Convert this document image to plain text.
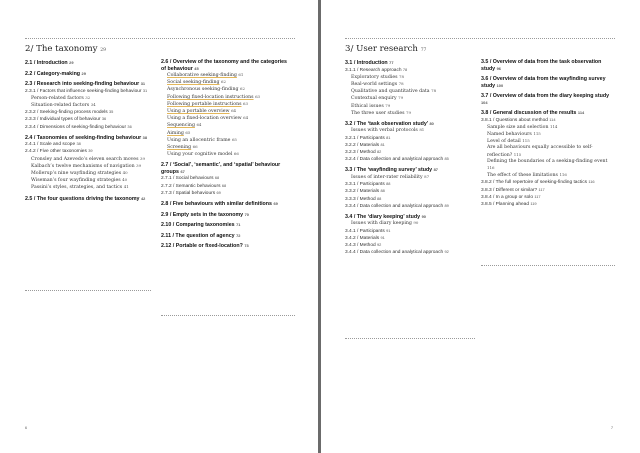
2/ The taxonomy 29
2.1 / Introduction 29
2.2 / Category-making 29
2.3 / Research into seeking-finding behaviour 31
2.3.1 / Factors that influence seeking-finding behaviour 31
Person-related factors 32
Situation-related factors 34
2.3.2 / Seeking-finding process models 35
2.3.3 / Individual types of behaviour 36
2.3.4 / Dimensions of seeking-finding behaviour 36
2.4 / Taxonomies of seeking-finding behaviour 38
2.4.1 / Scale and scope 38
2.4.2 / Five other taxonomies 39
Cronsley and Azevedo’s eleven search moves 39
Kalbach’s twelve mechanisms of navigation 39
Mollerup’s nine wayfinding strategies 40
Wiseman’s four wayfinding strategies 40
Passini’s styles, strategies, and tactics 41
2.5 / The four questions driving the taxonomy 42
2.6 / Overview of the taxonomy and the categories of behaviour 45
Collaborative seeking-finding 61
Social seeking-finding 62
Asynchronous seeking-finding 62
Following fixed-location instructions 63
Following portable instructions 63
Using a portable overview 64
Using a fixed-location overview 64
Sequencing 64
Aiming 65
Using an allocentric frame 65
Screening 66
Using your cognitive model 66
2.7 / ‘Social’, ‘semantic’, and ‘spatial’ behaviour groups 67
2.7.1 / Social behaviours 68
2.7.2 / Semantic behaviours 68
2.7.3 / Spatial behaviours 69
2.8 / Five behaviours with similar definitions 69
2.9 / Empty sets in the taxonomy 70
2.10 / Comparing taxonomies 71
2.11 / The question of agency 72
2.12 / Portable or fixed-location? 73
6
3/ User research 77
3.1 / Introduction 77
3.1.1 / Research approach 78
Exploratory studies 78
Real-world settings 78
Qualitative and quantitative data 78
Contextual enquiry 79
Ethical issues 79
The three user studies 79
3.2 / The ‘task observation study’ 80
Issues with verbal protocols 81
3.2.1 / Participants 81
3.2.2 / Materials 81
3.2.3 / Method 82
3.2.4 / Data collection and analytical approach 85
3.3 / The ‘wayfinding survey’ study 87
Issues of inter-rater reliability 87
3.3.1 / Participants 88
3.3.2 / Materials 88
3.3.3 / Method 88
3.3.4 / Data collection and analytical approach 89
3.4 / The ‘diary keeping’ study 90
Issues with diary keeping 90
3.4.1 / Participants 91
3.4.2 / Materials 91
3.4.3 / Method 92
3.4.4 / Data collection and analytical approach 92
3.5 / Overview of data from the task observation study 96
3.6 / Overview of data from the wayfinding survey study 100
3.7 / Overview of data from the diary keeping study 104
3.8 / General discussion of the results 114
3.8.1 / Questions about method 114
Sample size and selection 114
Named behaviours 115
Level of detail 115
Are all behaviours equally accessible to self-reflection? 115
Defining the boundaries of a seeking-finding event 116
The effect of these limitations 116
3.8.2 / The full repertoire of seeking-finding tactics 116
3.8.3 / Different or similar? 117
3.8.4 / In a group or solo 117
3.8.5 / Planning ahead 119
7
